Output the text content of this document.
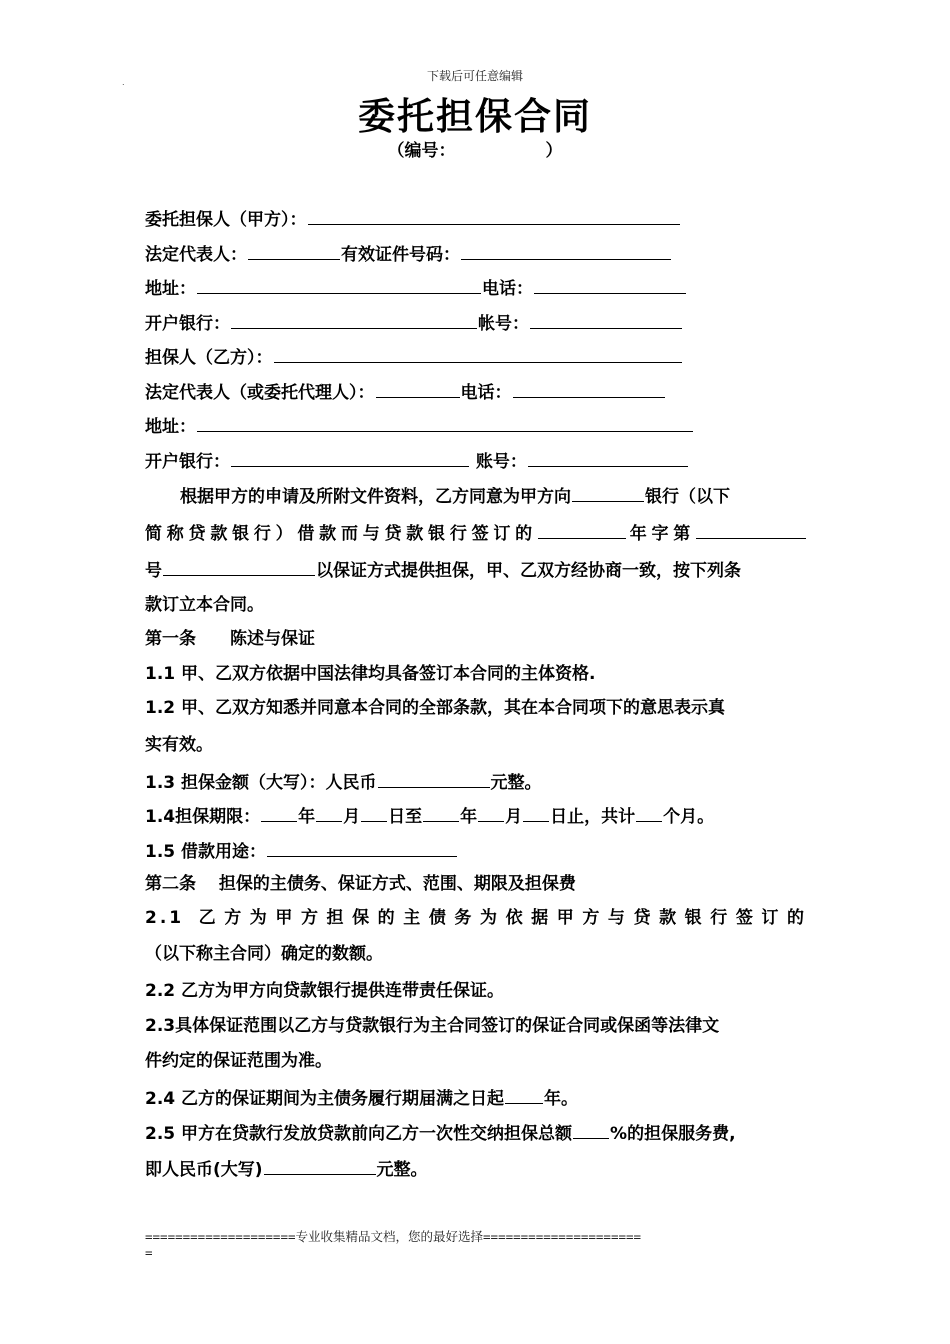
下载后可任意编辑
.
委托担保合同
（编号：	）
委托担保人（甲方）：
法定代表人：	有效证件号码：
地址：	电话：
开户银行：	帐号：
担保人（乙方）：
法定代表人（或委托代理人）：	电话：
地址：
开户银行：	账号：
根据甲方的申请及所附文件资料，乙方同意为甲方向	银行（以下
简称贷款银行）借款而与贷款银行签订的	年字第
号	以保证方式提供担保，甲、乙双方经协商一致，按下列条
款订立本合同。
第一条　　陈述与保证
1.1 甲、乙双方依据中国法律均具备签订本合同的主体资格.
1.2 甲、乙双方知悉并同意本合同的全部条款，其在本合同项下的意思表示真
实有效。
1.3 担保金额（大写）：人民币	元整。
1.4担保期限： 年 月 日至 年 月 日止，共计 个月。
1.5 借款用途：
第二条　 担保的主债务、保证方式、范围、期限及担保费
2.1 乙方为甲方担保的主债务为依据甲方与贷款银行签订的
（以下称主合同）确定的数额。
2.2 乙方为甲方向贷款银行提供连带责任保证。
2.3具体保证范围以乙方与贷款银行为主合同签订的保证合同或保函等法律文
件约定的保证范围为准。
2.4 乙方的保证期间为主债务履行期届满之日起 年。
2.5 甲方在贷款行发放贷款前向乙方一次性交纳担保总额 %的担保服务费,
即人民币(大写)	元整。
====================专业收集精品文档，您的最好选择=====================
=
